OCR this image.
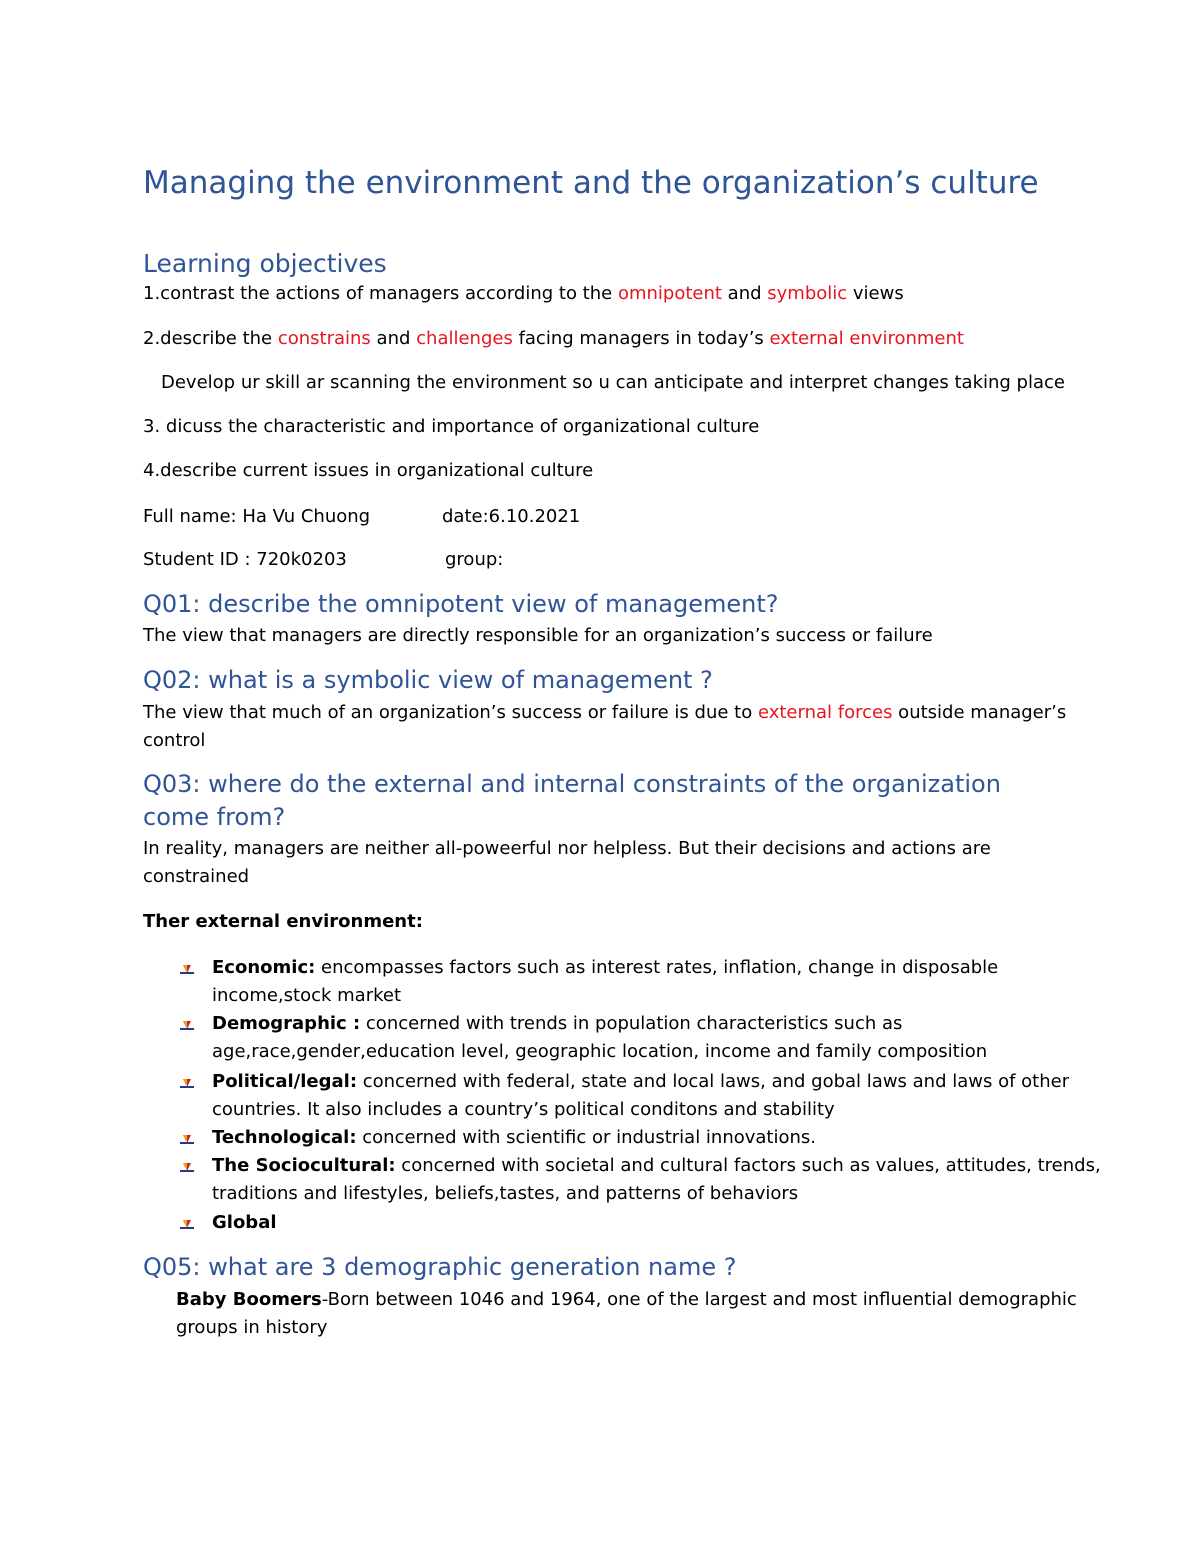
Managing the environment and the organization’s culture
Learning objectives

1.contrast the actions of managers according to the omnipotent and symbolic views

2.describe the constrains and challenges facing managers in today’s external environment

Develop ur skill ar scanning the environment so u can anticipate and interpret changes taking place

3. dicuss the characteristic and importance of organizational culture

4.describe current issues in organizational culture

Full name: Ha Vu Chuong	date:6.10.2021

Student ID : 720k0203	group:

Q01: describe the omnipotent view of management?

The view that managers are directly responsible for an organization’s success or failure

Q02: what is a symbolic view of management ?

The view that much of an organization’s success or failure is due to external forces outside manager’s

control

Q03: where do the external and internal constraints of the organization
come from?

In reality, managers are neither all-poweerful nor helpless. But their decisions and actions are

constrained

Ther external environment:

Economic: encompasses factors such as interest rates, inflation, change in disposable
income,stock market
Demographic : concerned with trends in population characteristics such as
age,race,gender,education level, geographic location, income and family composition
Political/legal: concerned with federal, state and local laws, and gobal laws and laws of other
countries. It also includes a country’s political conditons and stability
Technological: concerned with scientific or industrial innovations.
The Sociocultural: concerned with societal and cultural factors such as values, attitudes, trends,
traditions and lifestyles, beliefs,tastes, and patterns of behaviors
Global
Q05: what are 3 demographic generation name ?

Baby Boomers-Born between 1046 and 1964, one of the largest and most influential demographic

groups in history
